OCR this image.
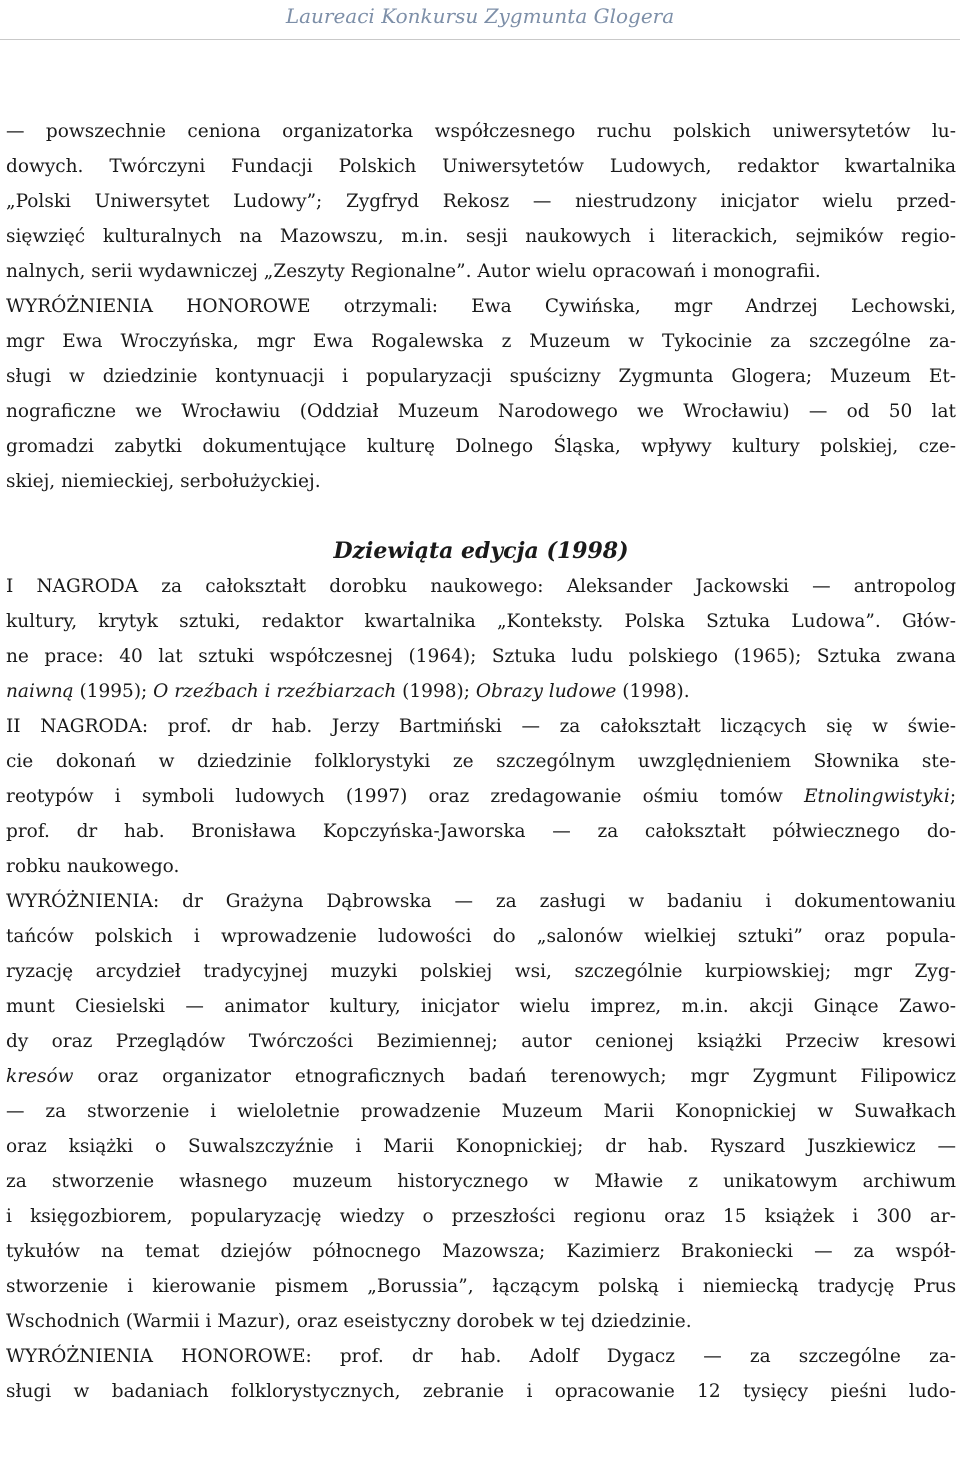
Laureaci Konkursu Zygmunta Glogera
— powszechnie ceniona organizatorka współczesnego ruchu polskich uniwersytetów lu-
dowych. Twórczyni Fundacji Polskich Uniwersytetów Ludowych, redaktor kwartalnika
„Polski Uniwersytet Ludowy”; Zygfryd Rekosz — niestrudzony inicjator wielu przed-
sięwzięć kulturalnych na Mazowszu, m.in. sesji naukowych i literackich, sejmików regio-
nalnych, serii wydawniczej „Zeszyty Regionalne”. Autor wielu opracowań i monografii.
WYRÓŻNIENIA HONOROWE otrzymali: Ewa Cywińska, mgr Andrzej Lechowski,
mgr Ewa Wroczyńska, mgr Ewa Rogalewska z Muzeum w Tykocinie za szczególne za-
sługi w dziedzinie kontynuacji i popularyzacji spuścizny Zygmunta Glogera; Muzeum Et-
nograficzne we Wrocławiu (Oddział Muzeum Narodowego we Wrocławiu) — od 50 lat
gromadzi zabytki dokumentujące kulturę Dolnego Śląska, wpływy kultury polskiej, cze-
skiej, niemieckiej, serbołużyckiej.
Dziewiąta edycja (1998)
I NAGRODA za całokształt dorobku naukowego: Aleksander Jackowski — antropolog
kultury, krytyk sztuki, redaktor kwartalnika „Konteksty. Polska Sztuka Ludowa”. Głów-
ne prace: 40 lat sztuki współczesnej (1964); Sztuka ludu polskiego (1965); Sztuka zwana
naiwną (1995); O rzeźbach i rzeźbiarzach (1998); Obrazy ludowe (1998).
II NAGRODA: prof. dr hab. Jerzy Bartmiński — za całokształt liczących się w świe-
cie dokonań w dziedzinie folklorystyki ze szczególnym uwzględnieniem Słownika ste-
reotypów i symboli ludowych (1997) oraz zredagowanie ośmiu tomów Etnolingwistyki;
prof. dr hab. Bronisława Kopczyńska-Jaworska — za całokształt półwiecznego do-
robku naukowego.
WYRÓŻNIENIA: dr Grażyna Dąbrowska — za zasługi w badaniu i dokumentowaniu
tańców polskich i wprowadzenie ludowości do „salonów wielkiej sztuki” oraz popula-
ryzację arcydzieł tradycyjnej muzyki polskiej wsi, szczególnie kurpiowskiej; mgr Zyg-
munt Ciesielski — animator kultury, inicjator wielu imprez, m.in. akcji Ginące Zawo-
dy oraz Przeglądów Twórczości Bezimiennej; autor cenionej książki Przeciw kresowi
kresów oraz organizator etnograficznych badań terenowych; mgr Zygmunt Filipowicz
— za stworzenie i wieloletnie prowadzenie Muzeum Marii Konopnickiej w Suwałkach
oraz książki o Suwalszczyźnie i Marii Konopnickiej; dr hab. Ryszard Juszkiewicz —
za stworzenie własnego muzeum historycznego w Mławie z unikatowym archiwum
i księgozbiorem, popularyzację wiedzy o przeszłości regionu oraz 15 książek i 300 ar-
tykułów na temat dziejów północnego Mazowsza; Kazimierz Brakoniecki — za współ-
stworzenie i kierowanie pismem „Borussia”, łączącym polską i niemiecką tradycję Prus
Wschodnich (Warmii i Mazur), oraz eseistyczny dorobek w tej dziedzinie.
WYRÓŻNIENIA HONOROWE: prof. dr hab. Adolf Dygacz — za szczególne za-
sługi w badaniach folklorystycznych, zebranie i opracowanie 12 tysięcy pieśni ludo-
